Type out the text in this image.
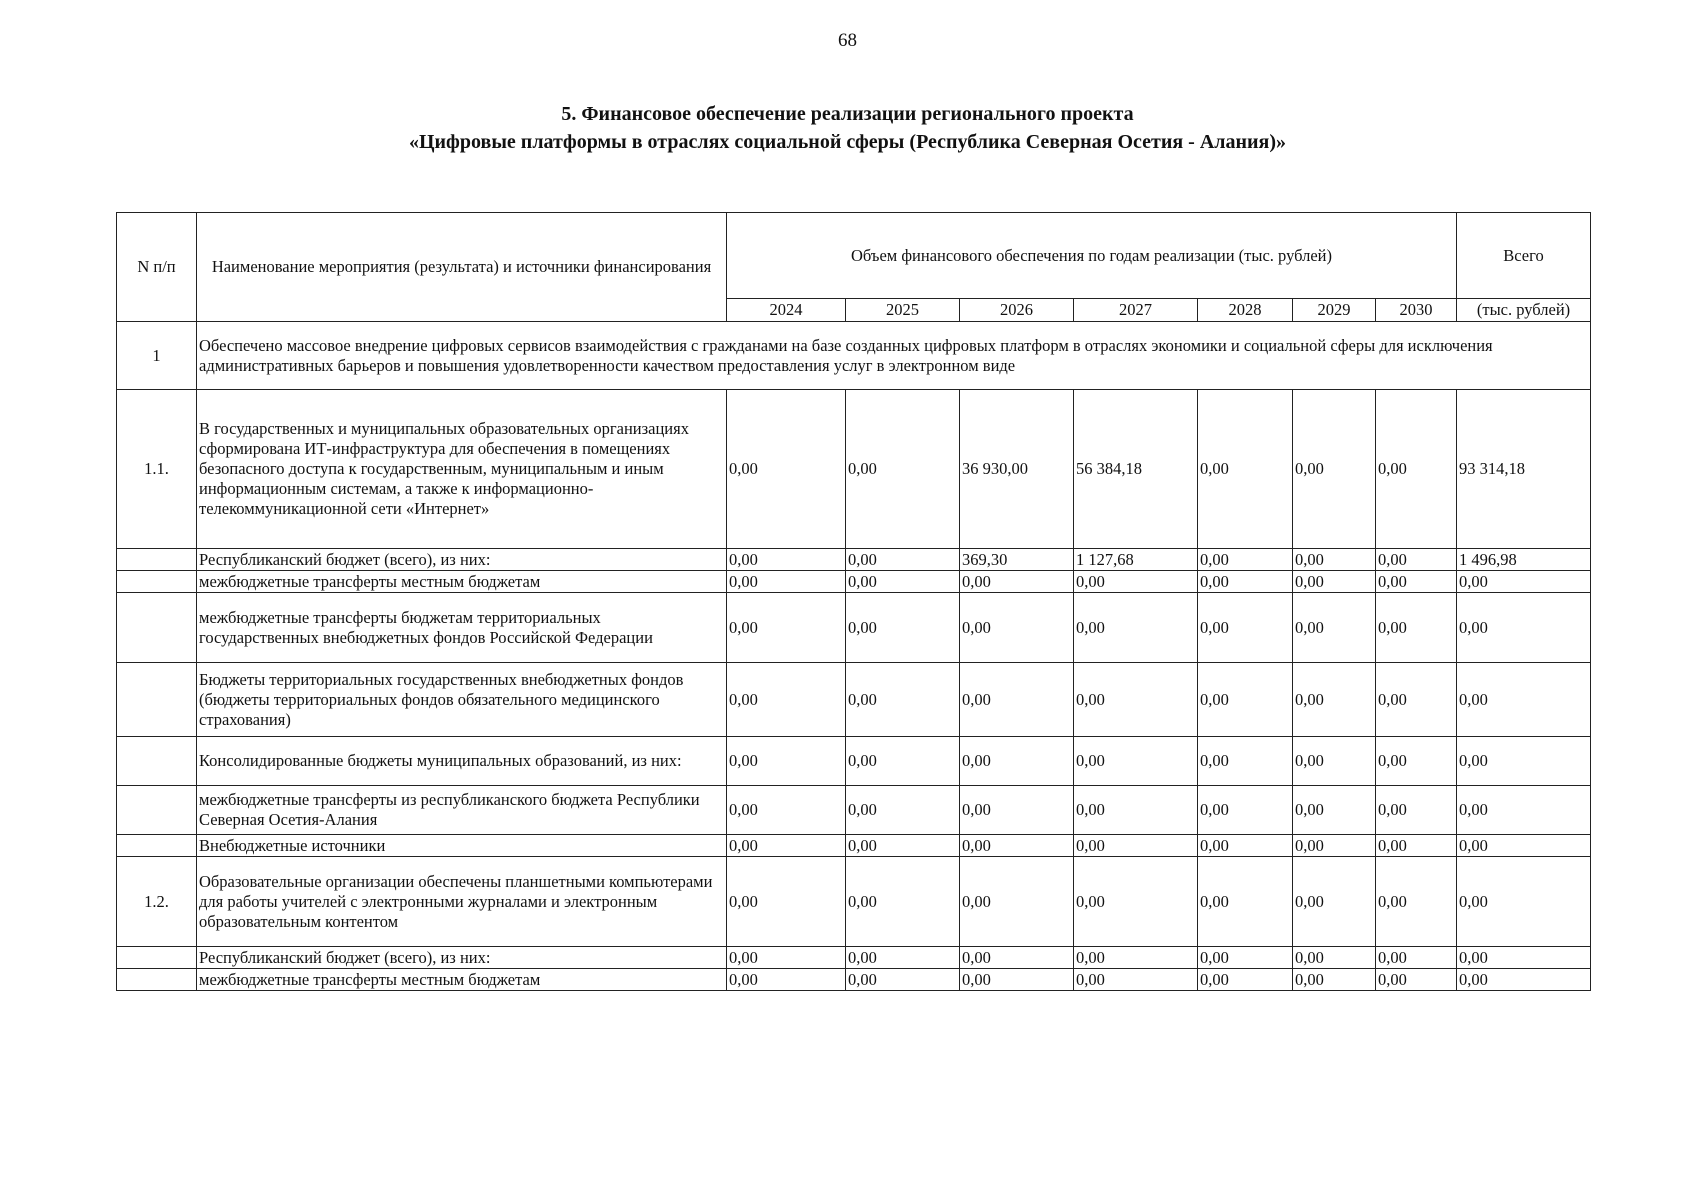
68
5. Финансовое обеспечение реализации регионального проекта
«Цифровые платформы в отраслях социальной сферы (Республика Северная Осетия - Алания)»
N п/п	Наименование мероприятия (результата) и источники финансирования	Объем финансового обеспечения по годам реализации (тыс. рублей)							Всего
		2024	2025	2026	2027	2028	2029	2030	(тыс. рублей)
1	Обеспечено массовое внедрение цифровых сервисов взаимодействия с гражданами на базе созданных цифровых платформ в отраслях экономики и социальной сферы для исключения административных барьеров и повышения удовлетворенности качеством предоставления услуг в электронном виде								
1.1.	В государственных и муниципальных образовательных организациях сформирована ИТ-инфраструктура для обеспечения в помещениях безопасного доступа к государственным, муниципальным и иным информационным системам, а также к информационно-телекоммуникационной сети «Интернет»	0,00	0,00	36 930,00	56 384,18	0,00	0,00	0,00	93 314,18
	Республиканский бюджет (всего), из них:	0,00	0,00	369,30	1 127,68	0,00	0,00	0,00	1 496,98
	межбюджетные трансферты местным бюджетам	0,00	0,00	0,00	0,00	0,00	0,00	0,00	0,00
	межбюджетные трансферты бюджетам территориальных государственных внебюджетных фондов Российской Федерации	0,00	0,00	0,00	0,00	0,00	0,00	0,00	0,00
	Бюджеты территориальных государственных внебюджетных фондов (бюджеты территориальных фондов обязательного медицинского страхования)	0,00	0,00	0,00	0,00	0,00	0,00	0,00	0,00
	Консолидированные бюджеты муниципальных образований, из них:	0,00	0,00	0,00	0,00	0,00	0,00	0,00	0,00
	межбюджетные трансферты из республиканского бюджета Республики Северная Осетия-Алания	0,00	0,00	0,00	0,00	0,00	0,00	0,00	0,00
	Внебюджетные источники	0,00	0,00	0,00	0,00	0,00	0,00	0,00	0,00
1.2.	Образовательные организации обеспечены планшетными компьютерами для работы учителей с электронными журналами и электронным образовательным контентом	0,00	0,00	0,00	0,00	0,00	0,00	0,00	0,00
	Республиканский бюджет (всего), из них:	0,00	0,00	0,00	0,00	0,00	0,00	0,00	0,00
	межбюджетные трансферты местным бюджетам	0,00	0,00	0,00	0,00	0,00	0,00	0,00	0,00
